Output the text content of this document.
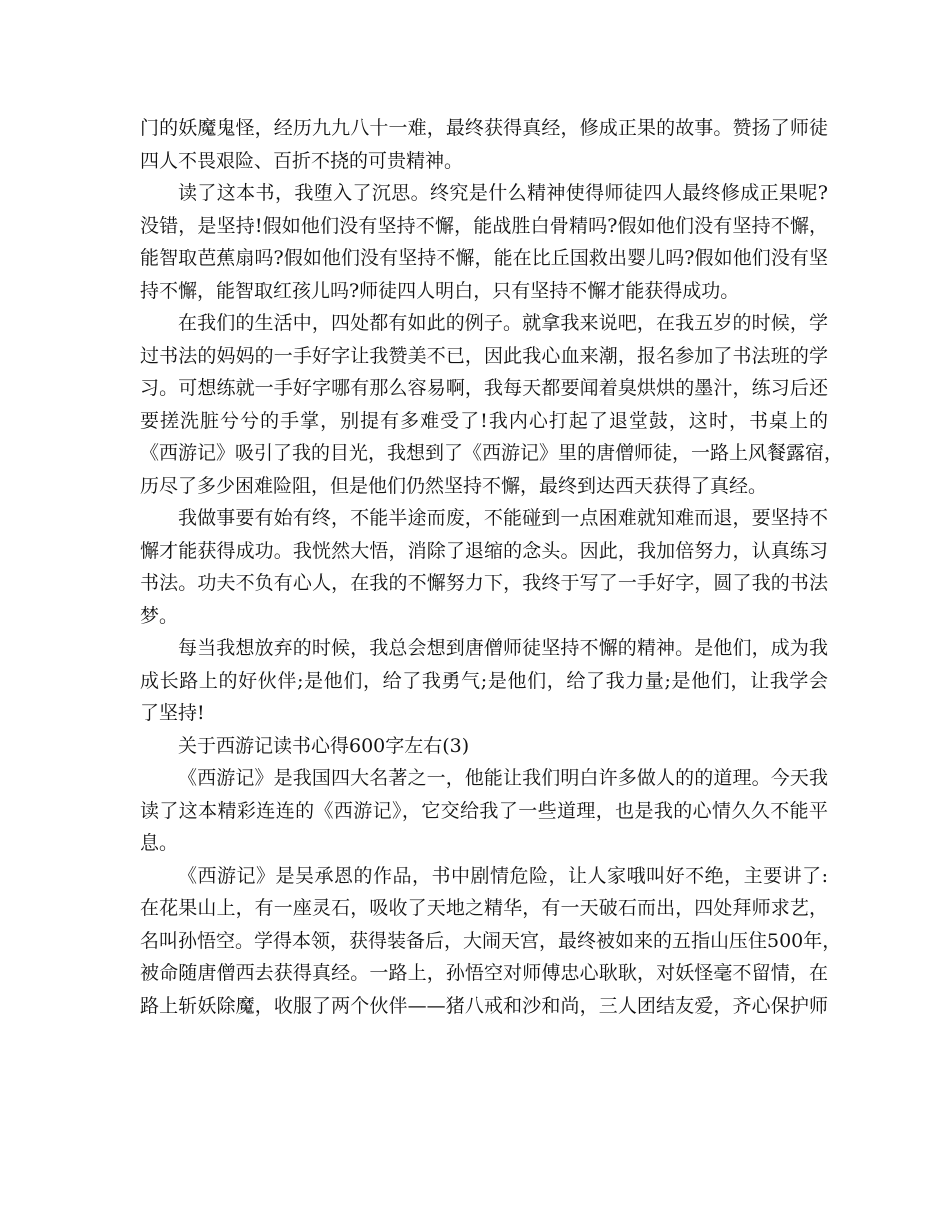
门的妖魔鬼怪，经历九九八十一难，最终获得真经，修成正果的故事。赞扬了师徒
四人不畏艰险、百折不挠的可贵精神。
读了这本书，我堕入了沉思。终究是什么精神使得师徒四人最终修成正果呢?
没错，是坚持!假如他们没有坚持不懈，能战胜白骨精吗?假如他们没有坚持不懈，
能智取芭蕉扇吗?假如他们没有坚持不懈，能在比丘国救出婴儿吗?假如他们没有坚
持不懈，能智取红孩儿吗?师徒四人明白，只有坚持不懈才能获得成功。
在我们的生活中，四处都有如此的例子。就拿我来说吧，在我五岁的时候，学
过书法的妈妈的一手好字让我赞美不已，因此我心血来潮，报名参加了书法班的学
习。可想练就一手好字哪有那么容易啊，我每天都要闻着臭烘烘的墨汁，练习后还
要搓洗脏兮兮的手掌，别提有多难受了!我内心打起了退堂鼓，这时，书桌上的
《西游记》吸引了我的目光，我想到了《西游记》里的唐僧师徒，一路上风餐露宿，
历尽了多少困难险阻，但是他们仍然坚持不懈，最终到达西天获得了真经。
我做事要有始有终，不能半途而废，不能碰到一点困难就知难而退，要坚持不
懈才能获得成功。我恍然大悟，消除了退缩的念头。因此，我加倍努力，认真练习
书法。功夫不负有心人，在我的不懈努力下，我终于写了一手好字，圆了我的书法
梦。
每当我想放弃的时候，我总会想到唐僧师徒坚持不懈的精神。是他们，成为我
成长路上的好伙伴;是他们，给了我勇气;是他们，给了我力量;是他们，让我学会
了坚持!
关于西游记读书心得600字左右(3)
《西游记》是我国四大名著之一，他能让我们明白许多做人的的道理。今天我
读了这本精彩连连的《西游记》，它交给我了一些道理，也是我的心情久久不能平
息。
《西游记》是吴承恩的作品，书中剧情危险，让人家哦叫好不绝，主要讲了:
在花果山上，有一座灵石，吸收了天地之精华，有一天破石而出，四处拜师求艺，
名叫孙悟空。学得本领，获得装备后，大闹天宫，最终被如来的五指山压住500年，
被命随唐僧西去获得真经。一路上，孙悟空对师傅忠心耿耿，对妖怪毫不留情，在
路上斩妖除魔，收服了两个伙伴——猪八戒和沙和尚，三人团结友爱，齐心保护师
